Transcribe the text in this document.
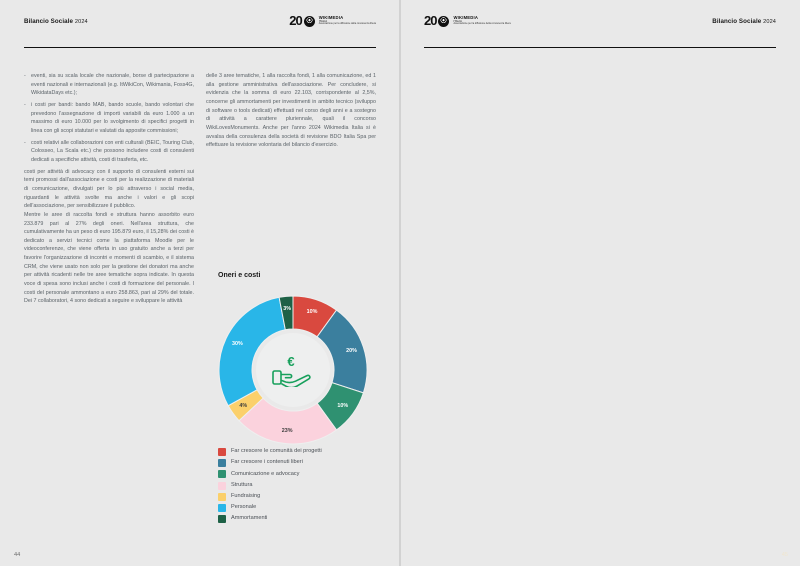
Bilancio Sociale 2024	20	WIKIMEDIA
ITALIA
Associazione per la diffusione della conoscenza libera
- eventi, sia su scala locale che nazionale, borse di partecipazione a eventi nazionali e internazionali (e.g. ItWikiCon, Wikimania, Foss4G, WikidataDays etc.);
- i costi per bandi: bando MAB, bando scuole, bando volontari che prevedono l'assegnazione di importi variabili da euro 1.000 a un massimo di euro 10.000 per lo svolgimento di specifici progetti in linea con gli scopi statutari e valutati da apposite commissioni;
- costi relativi alle collaborazioni con enti culturali (BEIC, Touring Club, Colosseo, La Scala etc.) che possono includere costi di consulenti dedicati a specifiche attività, costi di trasferta, etc.

costi per attività di advocacy con il supporto di consulenti esterni sui temi promossi dall'associazione e costi per la realizzazione di materiali di comunicazione, divulgati per lo più attraverso i social media, riguardanti le attività svolte ma anche i valori e gli scopi dell'associazione, per sensibilizzare il pubblico.

Mentre le aree di raccolta fondi e struttura hanno assorbito euro 233.879 pari al 27% degli oneri. Nell'area struttura, che cumulativamente ha un peso di euro 195.879 euro, il 15,28% dei costi è dedicato a servizi tecnici come la piattaforma Moodle per le videoconferenze, che viene offerta in uso gratuito anche a terzi per favorire l'organizzazione di incontri e momenti di scambio, e il sistema CRM, che viene usato non solo per la gestione dei donatori ma anche per attività ricadenti nelle tre aree tematiche sopra indicate. In questa voce di spesa sono inclusi anche i costi di formazione del personale. I costi del personale ammontano a euro 258.863, pari al 29% del totale. Dei 7 collaboratori, 4 sono dedicati a seguire e sviluppare le attività

delle 3 aree tematiche, 1 alla raccolta fondi, 1 alla comunicazione, ed 1 alla gestione amministrativa dell'associazione. Per concludere, si evidenzia che la somma di euro 22.103, corrispondente al 2,5%, concerne gli ammortamenti per investimenti in ambito tecnico (sviluppo di software o tools dedicati) effettuati nel corso degli anni e a sostegno di attività a carattere pluriennale, quali il concorso WikiLovesMonuments. Anche per l'anno 2024 Wikimedia Italia si è avvalsa della consulenza della società di revisione BDO Italia Spa per effettuare la revisione volontaria del bilancio d'esercizio.

Oneri e costi
€
10%
20%
10%
23%
4%
30%
3%
Far crescere le comunità dei progetti
Far crescere i contenuti liberi
Comunicazione e advocacy
Struttura
Fundraising
Personale
Ammortamenti
44
Bilancio Sociale 2024
20	WIKIMEDIA
ITALIA
Associazione per la diffusione della conoscenza libera

45
